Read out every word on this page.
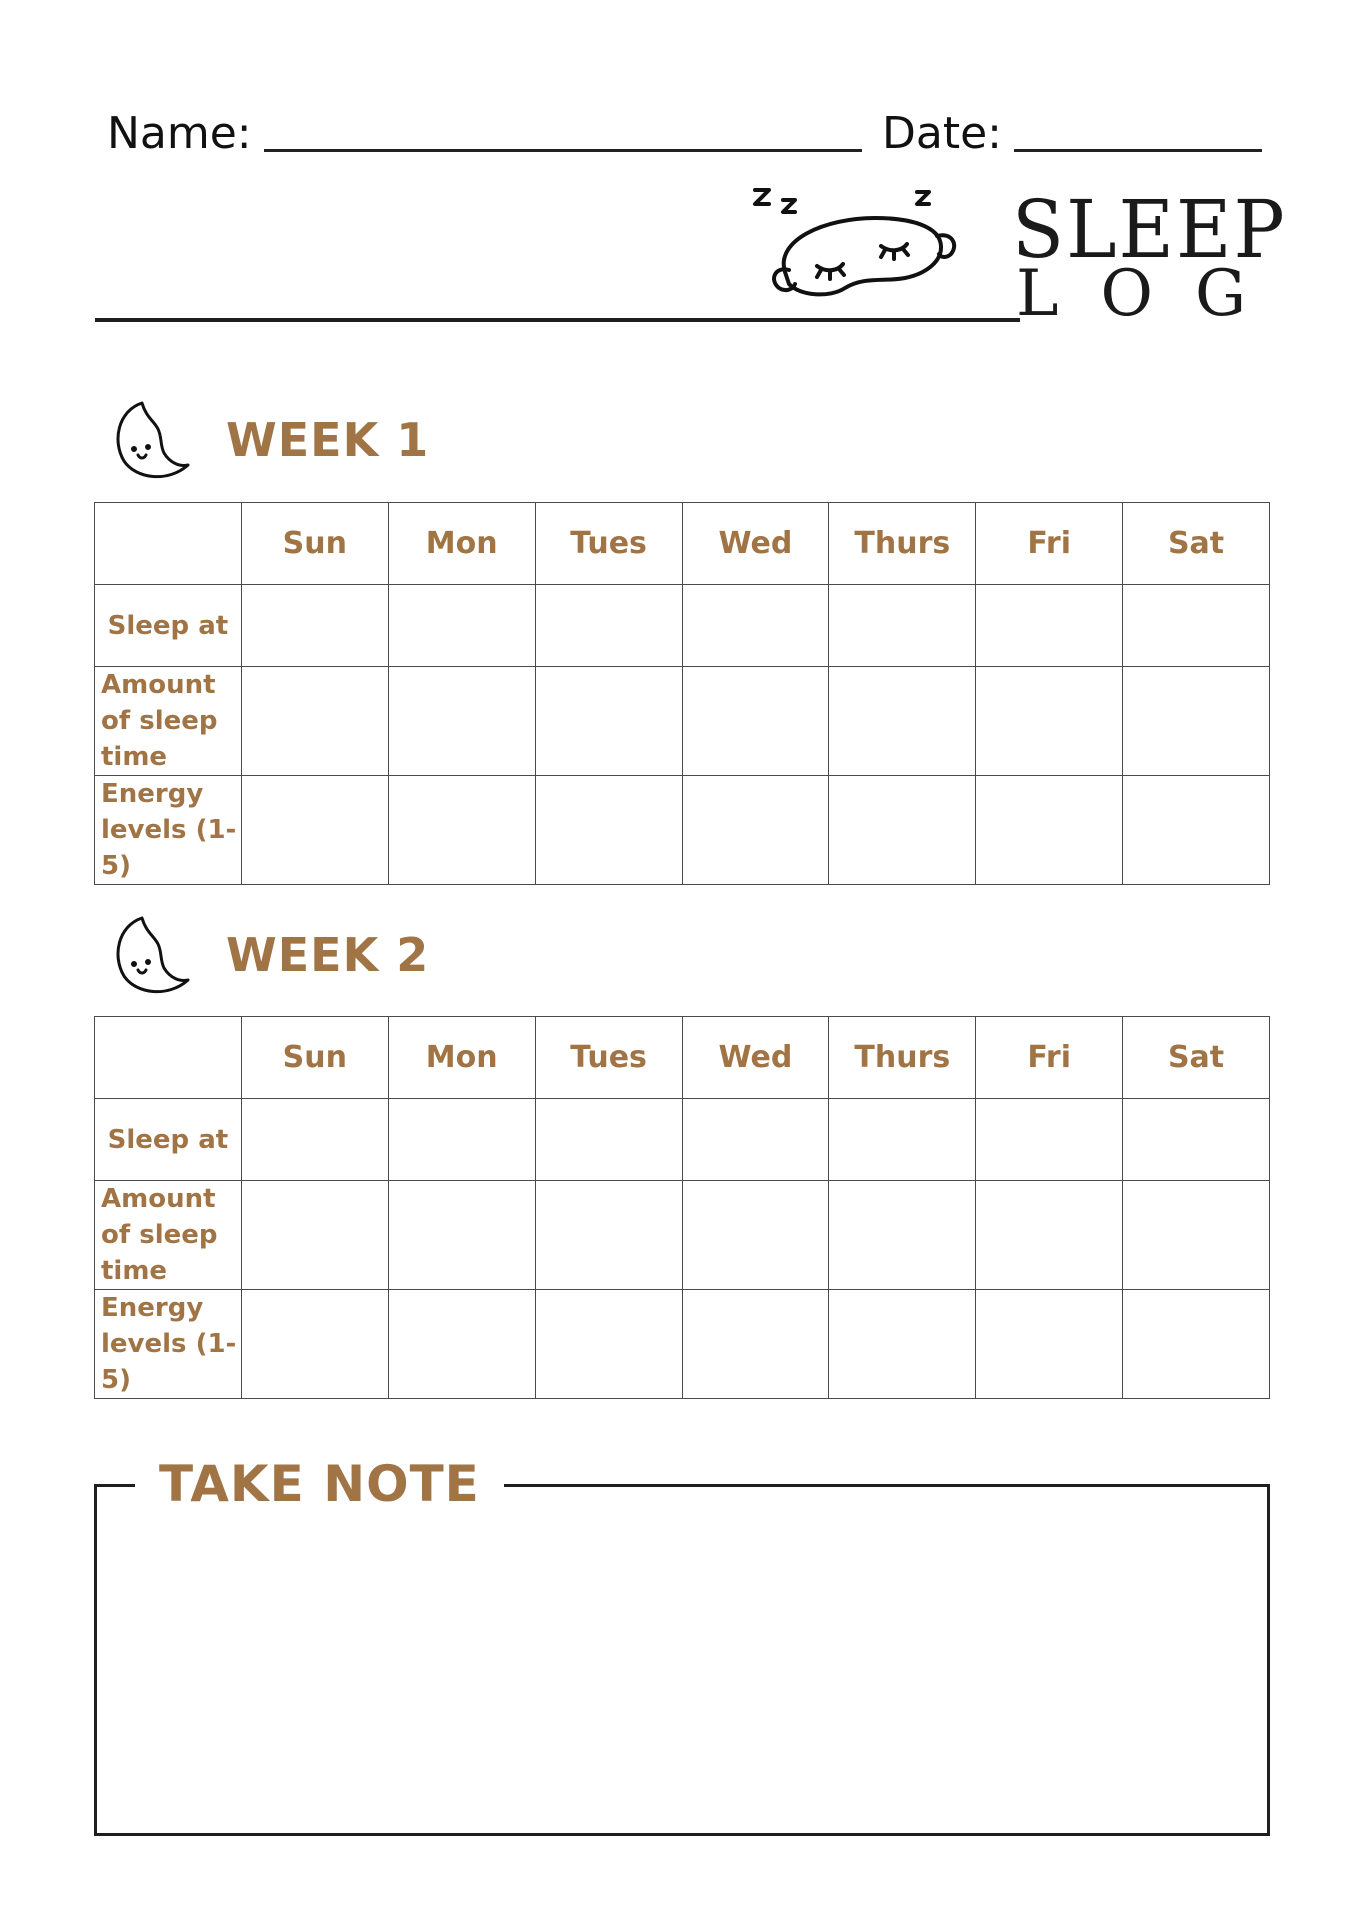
Name:	Date:
SLEEP
LOG
WEEK 1
	Sun	Mon	Tues	Wed	Thurs	Fri	Sat
Sleep at							
Amount of sleep time							
Energy levels (1-5)							
WEEK 2
	Sun	Mon	Tues	Wed	Thurs	Fri	Sat
Sleep at							
Amount of sleep time							
Energy levels (1-5)							
TAKE NOTE
